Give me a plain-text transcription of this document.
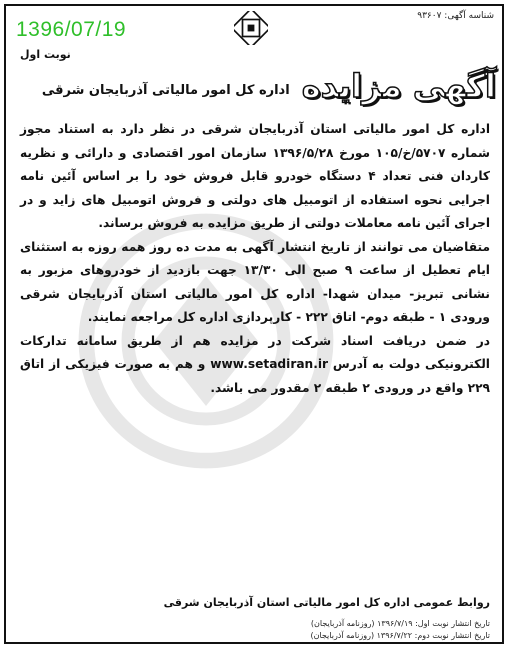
1396/07/19
شناسه آگهی: ۹۳۶۰۷
نوبت اول
آگهی مزایده
اداره کل امور مالیاتی آذربایجان شرقی

اداره کل امور مالیاتی استان آذربایجان شرقی در نظر دارد به استناد مجوز شماره ۵۷۰۷/خ/۱۰۵ مورخ ۱۳۹۶/۵/۲۸ سازمان امور اقتصادی و دارائی و نظریه کاردان فنی تعداد ۴ دستگاه خودرو قابل فروش خود را بر اساس آئین نامه اجرایی نحوه استفاده از اتومبیل های دولتی و فروش اتومبیل های زاید و در اجرای آئین نامه معاملات دولتی از طریق مزایده به فروش برساند.

متقاضیان می توانند از تاریخ انتشار آگهی به مدت ده روز همه روزه به استثنای ایام تعطیل از ساعت ۹ صبح الی ۱۳/۳۰ جهت بازدید از خودروهای مزبور به نشانی تبریز- میدان شهدا- اداره کل امور مالیاتی استان آذربایجان شرقی ورودی ۱ - طبقه دوم- اتاق ۲۲۲ - کارپردازی اداره کل مراجعه نمایند.

در ضمن دریافت اسناد شرکت در مزایده هم از طریق سامانه تدارکات الکترونیکی دولت به آدرس www.setadiran.ir و هم به صورت فیزیکی از اتاق ۲۲۹ واقع در ورودی ۲ طبقه ۲ مقدور می باشد.

روابط عمومی اداره کل امور مالیاتی استان آذربایجان شرقی
تاریخ انتشار نوبت اول: ۱۳۹۶/۷/۱۹ (روزنامه آذربایجان)
تاریخ انتشار نوبت دوم: ۱۳۹۶/۷/۲۲ (روزنامه آذربایجان)
